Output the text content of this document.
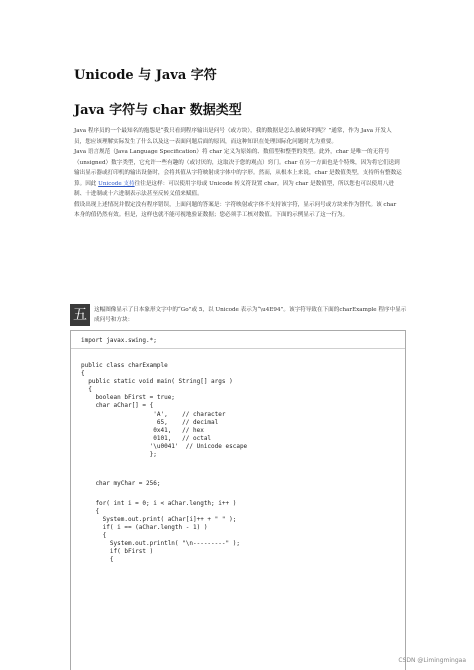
Unicode 与 Java 字符
Java 字符与 char 数据类型

Java 程序员的一个最知名的抱怨是“我只看到程序输出是问号（或方块），我的数据是怎么被破坏的呢？”通常，作为 Java 开发人员，您应该理解实际发生了什么以及这一表面问题后面的原因，而这种知识在处理国际化问题时尤为重要。

Java 语言规范（Java Language Specification）将 char 定义为原始的、数值型和整型的类型。此外，char 是唯一的无符号（unsigned）数字类型，它允许一些有趣的（或讨厌的，这取决于您的观点）窍门。char 在另一方面也是个特殊，因为将它们送到输出显示器或打印机的输出设备时，会将其值从字符映射成字体中的字形。然而，从根本上来说，char 是数值类型，支持所有整数运算。因此 Unicode 支持往往是这样：可以使用字母或 Unicode 转义符设置 char。因为 char 是数值型，所以您也可以使用八进制、十进制或十六进制表示法甚至反转义值来赋值。

假设出现上述情况并假定没有程序错误，上面问题的答案是：字符映射或字体不支持该字符，显示问号或方块来作为替代。该 char 本身的值仍然有效。但是，这样也就不能可视地验证数据；您必须手工核对数值。下面的示例显示了这一行为。

五	这幅图像显示了日本象形文字中的“Go”或 5，以 Unicode 表示为“\u4E94”。该字符导致在下面的charExample 程序中显示成问号和方块：
import javax.swing.*;
public class charExample
{
public static void main( String[] args )
{
boolean bFirst = true;
char aChar[] = {
'A',    // character
65,    // decimal
0x41,   // hex
0101,   // octal
'\u0041'  // Unicode escape
};
char myChar = 256;
for( int i = 0; i < aChar.length; i++ )
{
System.out.print( aChar[i]++ + " " );
if( i == (aChar.length - 1) )
{
System.out.println( "\n---------" );
if( bFirst )
{
CSDN @Limingmingaa
